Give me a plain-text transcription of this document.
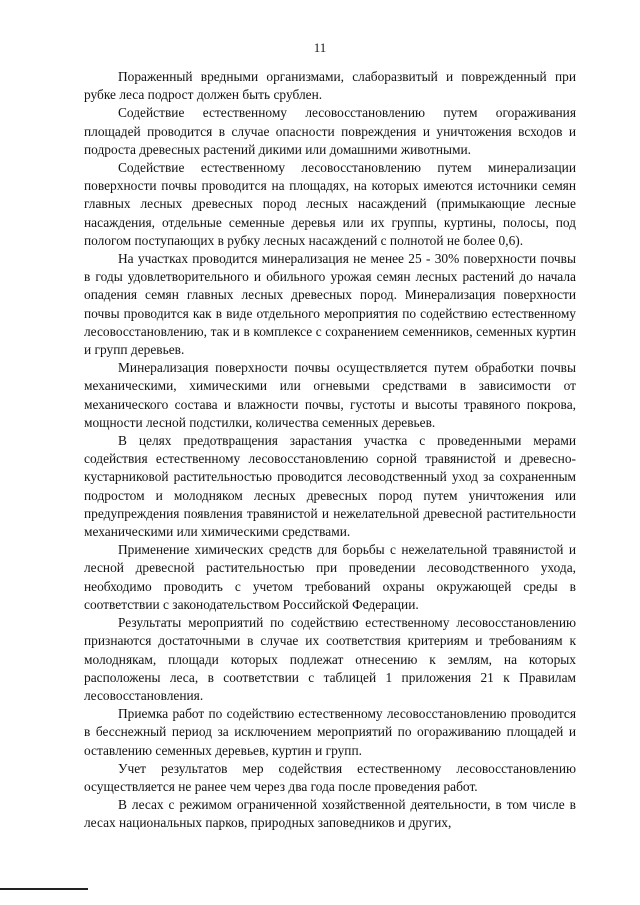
11

Пораженный вредными организмами, слаборазвитый и поврежденный при рубке леса подрост должен быть срублен.

Содействие естественному лесовосстановлению путем огораживания площадей проводится в случае опасности повреждения и уничтожения всходов и подроста древесных растений дикими или домашними животными.

Содействие естественному лесовосстановлению путем минерализации поверхности почвы проводится на площадях, на которых имеются источники семян главных лесных древесных пород лесных насаждений (примыкающие лесные насаждения, отдельные семенные деревья или их группы, куртины, полосы, под пологом поступающих в рубку лесных насаждений с полнотой не более 0,6).

На участках проводится минерализация не менее 25 - 30% поверхности почвы в годы удовлетворительного и обильного урожая семян лесных растений до начала опадения семян главных лесных древесных пород. Минерализация поверхности почвы проводится как в виде отдельного мероприятия по содействию естественному лесовосстановлению, так и в комплексе с сохранением семенников, семенных куртин и групп деревьев.

Минерализация поверхности почвы осуществляется путем обработки почвы механическими, химическими или огневыми средствами в зависимости от механического состава и влажности почвы, густоты и высоты травяного покрова, мощности лесной подстилки, количества семенных деревьев.

В целях предотвращения зарастания участка с проведенными мерами содействия естественному лесовосстановлению сорной травянистой и древесно-кустарниковой растительностью проводится лесоводственный уход за сохраненным подростом и молодняком лесных древесных пород путем уничтожения или предупреждения появления травянистой и нежелательной древесной растительности механическими или химическими средствами.

Применение химических средств для борьбы с нежелательной травянистой и лесной древесной растительностью при проведении лесоводственного ухода, необходимо проводить с учетом требований охраны окружающей среды в соответствии с законодательством Российской Федерации.

Результаты мероприятий по содействию естественному лесовосстановлению признаются достаточными в случае их соответствия критериям и требованиям к молоднякам, площади которых подлежат отнесению к землям, на которых расположены леса, в соответствии с таблицей 1 приложения 21 к Правилам лесовосстановления.

Приемка работ по содействию естественному лесовосстановлению проводится в бесснежный период за исключением мероприятий по огораживанию площадей и оставлению семенных деревьев, куртин и групп.

Учет результатов мер содействия естественному лесовосстановлению осуществляется не ранее чем через два года после проведения работ.

В лесах с режимом ограниченной хозяйственной деятельности, в том числе в лесах национальных парков, природных заповедников и других,
